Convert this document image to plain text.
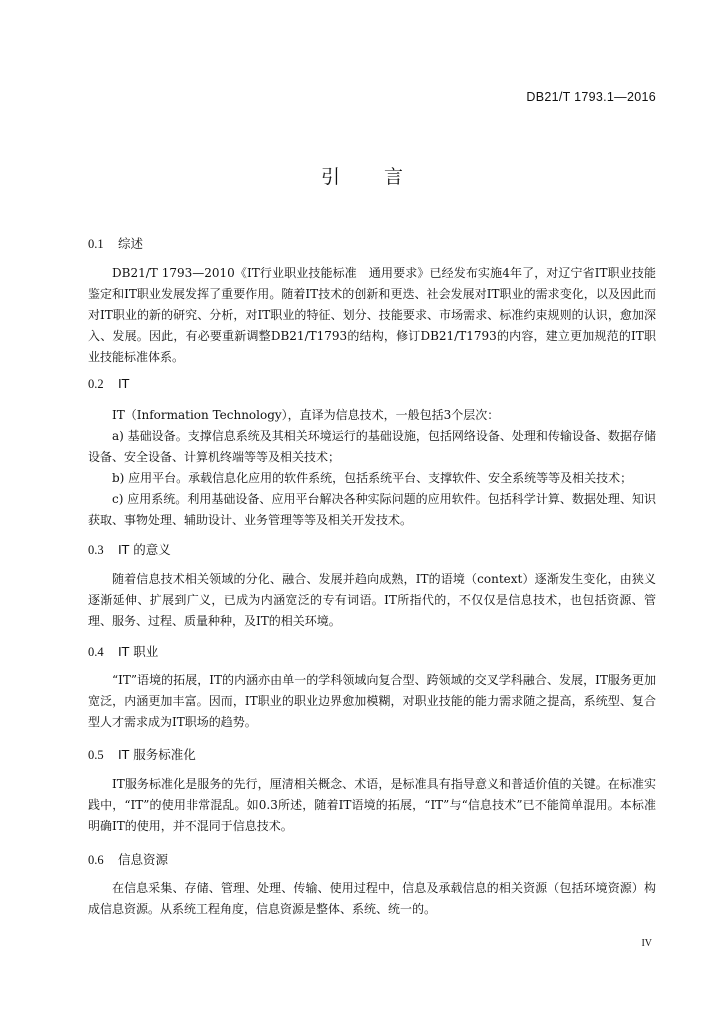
DB21/T 1793.1—2016
引 言
0.1 综述

DB21/T 1793—2010《IT行业职业技能标准　通用要求》已经发布实施4年了，对辽宁省IT职业技能鉴定和IT职业发展发挥了重要作用。随着IT技术的创新和更迭、社会发展对IT职业的需求变化，以及因此而对IT职业的新的研究、分析，对IT职业的特征、划分、技能要求、市场需求、标准约束规则的认识，愈加深入、发展。因此，有必要重新调整DB21/T1793的结构，修订DB21/T1793的内容，建立更加规范的IT职业技能标准体系。

0.2 IT

IT（Information Technology），直译为信息技术，一般包括3个层次：

a) 基础设备。支撑信息系统及其相关环境运行的基础设施，包括网络设备、处理和传输设备、数据存储设备、安全设备、计算机终端等等及相关技术；

b) 应用平台。承载信息化应用的软件系统，包括系统平台、支撑软件、安全系统等等及相关技术；

c) 应用系统。利用基础设备、应用平台解决各种实际问题的应用软件。包括科学计算、数据处理、知识获取、事物处理、辅助设计、业务管理等等及相关开发技术。

0.3 IT 的意义

随着信息技术相关领域的分化、融合、发展并趋向成熟，IT的语境（context）逐渐发生变化，由狭义逐渐延伸、扩展到广义，已成为内涵宽泛的专有词语。IT所指代的，不仅仅是信息技术，也包括资源、管理、服务、过程、质量种种，及IT的相关环境。

0.4 IT 职业

“IT”语境的拓展，IT的内涵亦由单一的学科领域向复合型、跨领域的交叉学科融合、发展，IT服务更加宽泛，内涵更加丰富。因而，IT职业的职业边界愈加模糊，对职业技能的能力需求随之提高，系统型、复合型人才需求成为IT职场的趋势。

0.5 IT 服务标准化

IT服务标准化是服务的先行，厘清相关概念、术语，是标准具有指导意义和普适价值的关键。在标准实践中，“IT”的使用非常混乱。如0.3所述，随着IT语境的拓展，“IT”与“信息技术”已不能简单混用。本标准明确IT的使用，并不混同于信息技术。

0.6 信息资源

在信息采集、存储、管理、处理、传输、使用过程中，信息及承载信息的相关资源（包括环境资源）构成信息资源。从系统工程角度，信息资源是整体、系统、统一的。

IV
